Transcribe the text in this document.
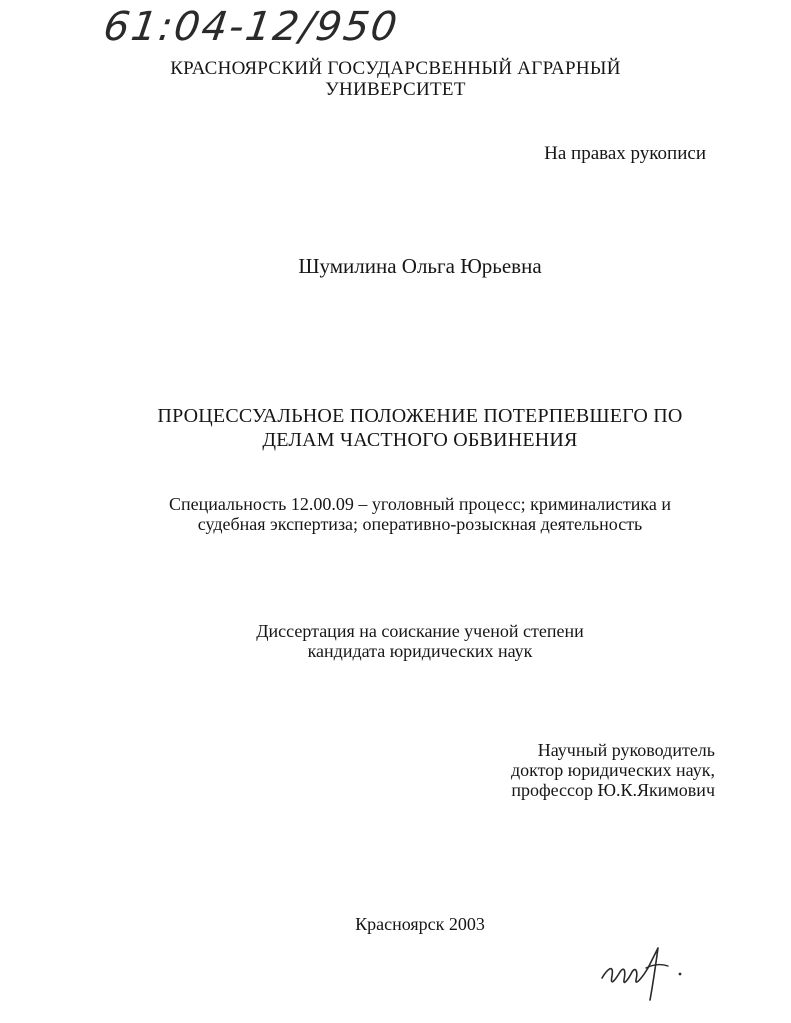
61:04-12/950
КРАСНОЯРСКИЙ ГОСУДАРСВЕННЫЙ АГРАРНЫЙ
УНИВЕРСИТЕТ
На правах рукописи
Шумилина Ольга Юрьевна
ПРОЦЕССУАЛЬНОЕ ПОЛОЖЕНИЕ ПОТЕРПЕВШЕГО ПО
ДЕЛАМ ЧАСТНОГО ОБВИНЕНИЯ
Специальность 12.00.09 – уголовный процесс; криминалистика и
судебная экспертиза; оперативно-розыскная деятельность
Диссертация на соискание ученой степени
кандидата юридических наук
Научный руководитель
доктор юридических наук,
профессор Ю.К.Якимович
Красноярск 2003
